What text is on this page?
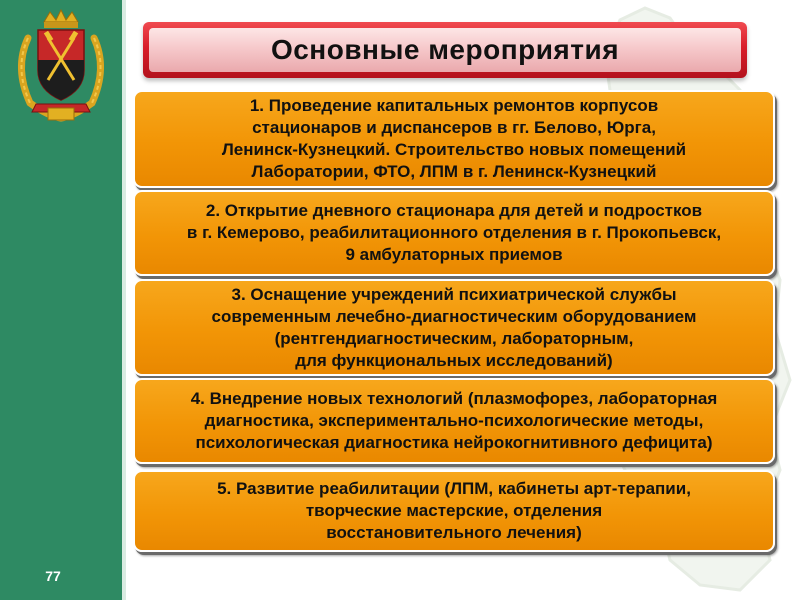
77
Основные мероприятия
1. Проведение капитальных ремонтов корпусов
стационаров и диспансеров в гг. Белово, Юрга,
Ленинск-Кузнецкий. Строительство новых помещений
Лаборатории, ФТО, ЛПМ в г. Ленинск-Кузнецкий
2. Открытие дневного стационара для детей и подростков
в г. Кемерово, реабилитационного отделения в г. Прокопьевск,
9 амбулаторных приемов
3. Оснащение учреждений психиатрической службы
современным лечебно-диагностическим оборудованием
(рентгендиагностическим, лабораторным,
для функциональных исследований)
4. Внедрение новых технологий (плазмофорез, лабораторная
диагностика, экспериментально-психологические методы,
психологическая диагностика нейрокогнитивного дефицита)
5. Развитие реабилитации (ЛПМ, кабинеты арт-терапии,
творческие мастерские, отделения
восстановительного лечения)
